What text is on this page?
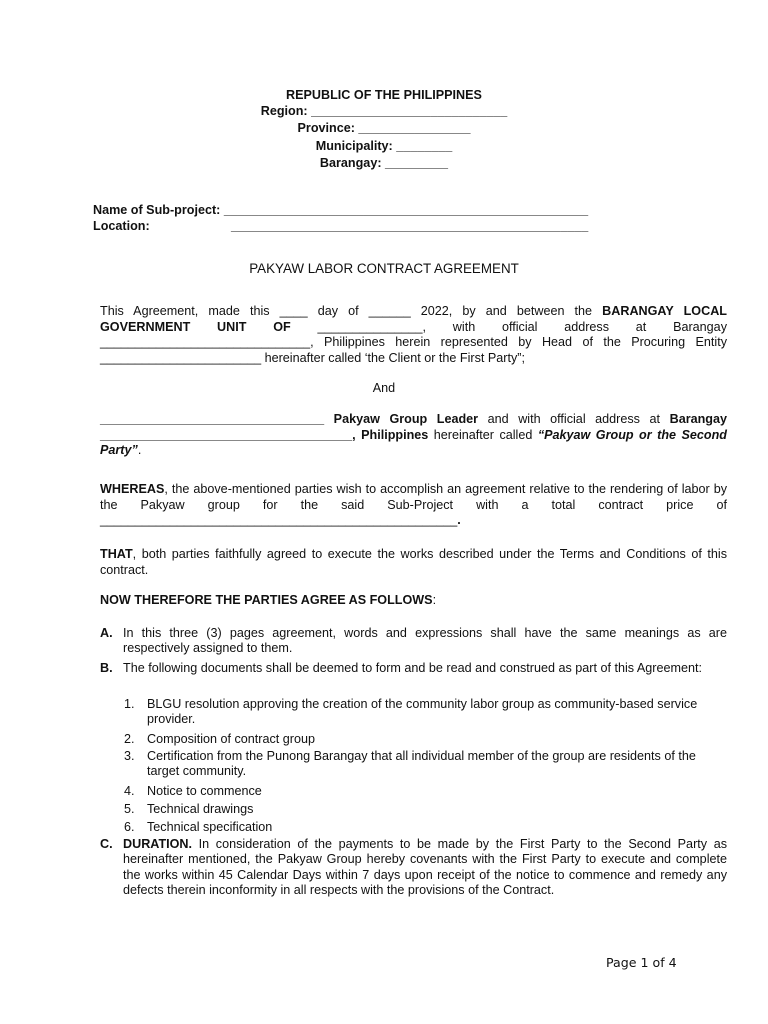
REPUBLIC OF THE PHILIPPINES
Region: ____________________________
Province: ________________
Municipality: ________
Barangay: _________
Name of Sub-project: ____________________________________________________
Location:	___________________________________________________
PAKYAW LABOR CONTRACT AGREEMENT
This Agreement, made this ____ day of ______ 2022, by and between the BARANGAY LOCAL GOVERNMENT UNIT OF _______________, with official address at Barangay ______________________________, Philippines herein represented by Head of the Procuring Entity _______________________ hereinafter called ‘the Client or the First Party”;
And
________________________________ Pakyaw Group Leader and with official address at Barangay ____________________________________, Philippines hereinafter called “Pakyaw Group or the Second Party”.
WHEREAS, the above-mentioned parties wish to accomplish an agreement relative to the rendering of labor by the Pakyaw group for the said Sub-Project with a total contract price of ___________________________________________________.
THAT, both parties faithfully agreed to execute the works described under the Terms and Conditions of this contract.
NOW THEREFORE THE PARTIES AGREE AS FOLLOWS:
A. In this three (3) pages agreement, words and expressions shall have the same meanings as are respectively assigned to them.
B. The following documents shall be deemed to form and be read and construed as part of this Agreement:
1. BLGU resolution approving the creation of the community labor group as community-based service provider.
2. Composition of contract group
3. Certification from the Punong Barangay that all individual member of the group are residents of the target community.
4. Notice to commence
5. Technical drawings
6. Technical specification
C. DURATION. In consideration of the payments to be made by the First Party to the Second Party as hereinafter mentioned, the Pakyaw Group hereby covenants with the First Party to execute and complete the works within 45 Calendar Days within 7 days upon receipt of the notice to commence and remedy any defects therein inconformity in all respects with the provisions of the Contract.
Page 1 of 4
